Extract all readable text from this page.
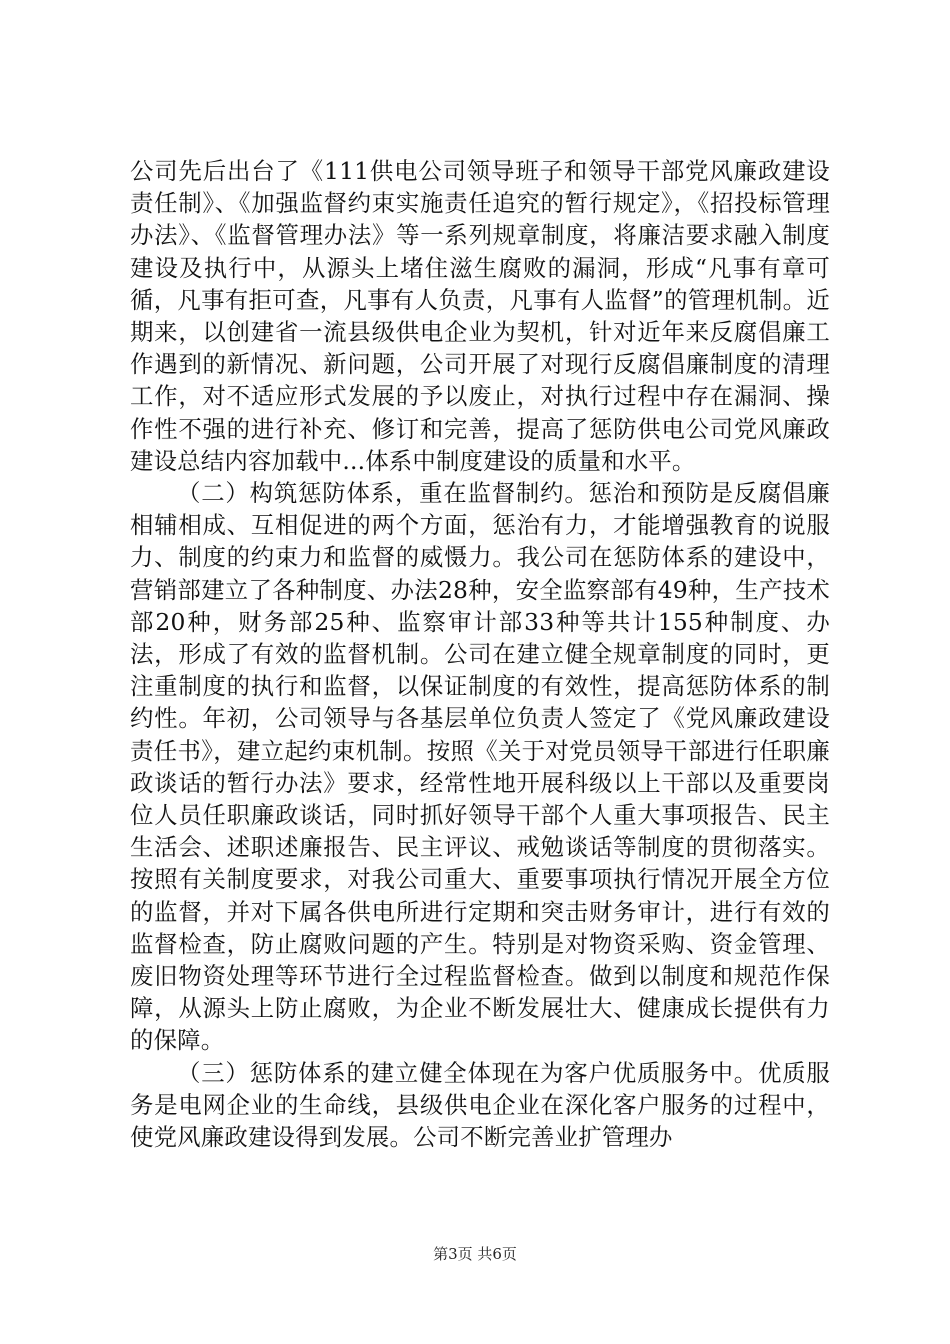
公司先后出台了《111供电公司领导班子和领导干部党风廉政建设责任制》、《加强监督约束实施责任追究的暂行规定》，《招投标管理办法》、《监督管理办法》等一系列规章制度，将廉洁要求融入制度建设及执行中，从源头上堵住滋生腐败的漏洞，形成“凡事有章可循，凡事有拒可查，凡事有人负责，凡事有人监督”的管理机制。近期来，以创建省一流县级供电企业为契机，针对近年来反腐倡廉工作遇到的新情况、新问题，公司开展了对现行反腐倡廉制度的清理工作，对不适应形式发展的予以废止，对执行过程中存在漏洞、操作性不强的进行补充、修订和完善，提高了惩防供电公司党风廉政建设总结内容加载中...体系中制度建设的质量和水平。

（二）构筑惩防体系，重在监督制约。惩治和预防是反腐倡廉相辅相成、互相促进的两个方面，惩治有力，才能增强教育的说服力、制度的约束力和监督的威慑力。我公司在惩防体系的建设中，营销部建立了各种制度、办法28种，安全监察部有49种，生产技术部20种，财务部25种、监察审计部33种等共计155种制度、办法，形成了有效的监督机制。公司在建立健全规章制度的同时，更注重制度的执行和监督，以保证制度的有效性，提高惩防体系的制约性。年初，公司领导与各基层单位负责人签定了《党风廉政建设责任书》，建立起约束机制。按照《关于对党员领导干部进行任职廉政谈话的暂行办法》要求，经常性地开展科级以上干部以及重要岗位人员任职廉政谈话，同时抓好领导干部个人重大事项报告、民主生活会、述职述廉报告、民主评议、戒勉谈话等制度的贯彻落实。按照有关制度要求，对我公司重大、重要事项执行情况开展全方位的监督，并对下属各供电所进行定期和突击财务审计，进行有效的监督检查，防止腐败问题的产生。特别是对物资采购、资金管理、废旧物资处理等环节进行全过程监督检查。做到以制度和规范作保障，从源头上防止腐败，为企业不断发展壮大、健康成长提供有力的保障。

（三）惩防体系的建立健全体现在为客户优质服务中。优质服务是电网企业的生命线，县级供电企业在深化客户服务的过程中，使党风廉政建设得到发展。公司不断完善业扩管理办

第3页 共6页
